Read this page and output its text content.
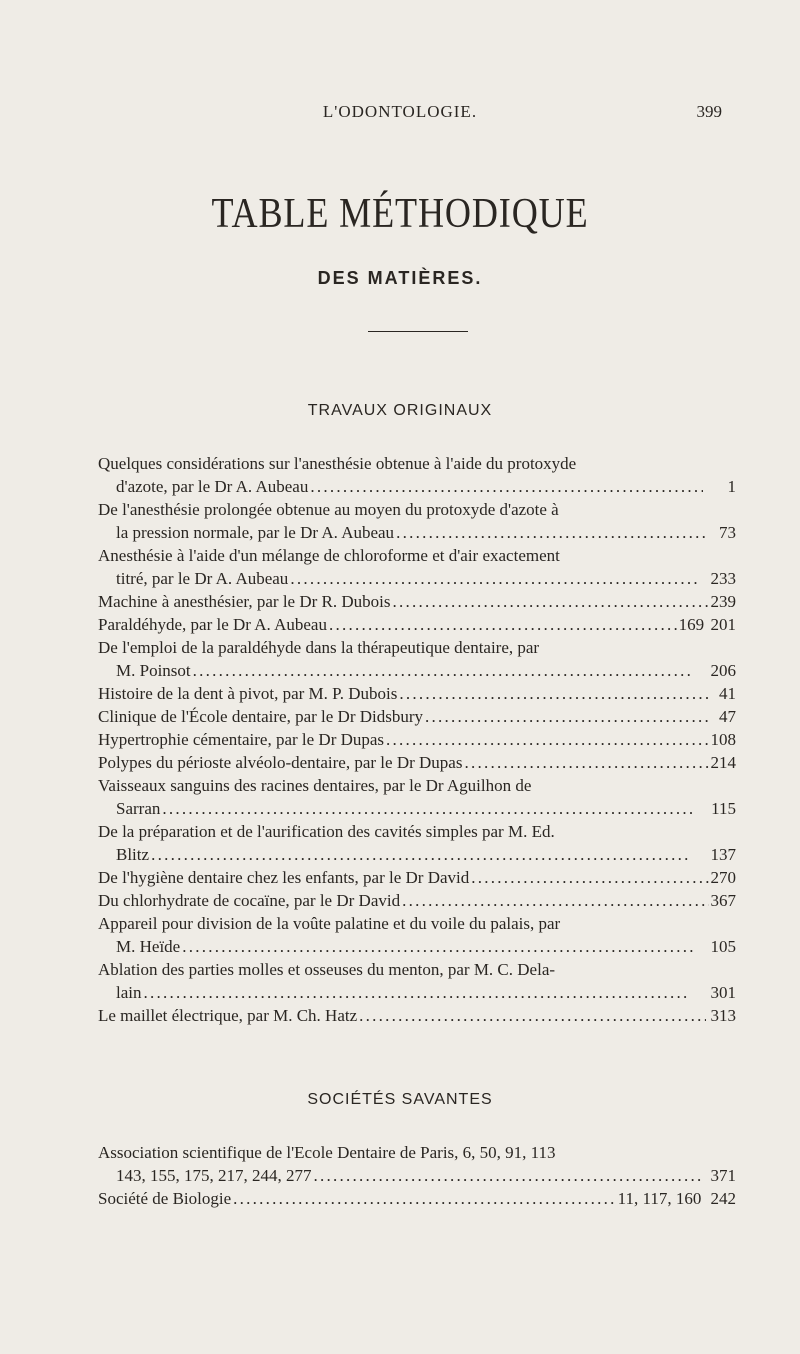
L'ODONTOLOGIE.	399
TABLE MÉTHODIQUE
DES MATIÈRES.
TRAVAUX ORIGINAUX
Quelques considérations sur l'anesthésie obtenue à l'aide du protoxyde
d'azote, par le Dr A. Aubeau . . .	1
De l'anesthésie prolongée obtenue au moyen du protoxyde d'azote à
la pression normale, par le Dr A. Aubeau . . .	73
Anesthésie à l'aide d'un mélange de chloroforme et d'air exactement
titré, par le Dr A. Aubeau . . .	233
Machine à anesthésier, par le Dr R. Dubois . . .	239
Paraldéhyde, par le Dr A. Aubeau . . .	169 201
De l'emploi de la paraldéhyde dans la thérapeutique dentaire, par
M. Poinsot . . .	206
Histoire de la dent à pivot, par M. P. Dubois . . .	41
Clinique de l'École dentaire, par le Dr Didsbury . . .	47
Hypertrophie cémentaire, par le Dr Dupas . . .	108
Polypes du périoste alvéolo-dentaire, par le Dr Dupas . . .	214
Vaisseaux sanguins des racines dentaires, par le Dr Aguilhon de
Sarran . . .	115
De la préparation et de l'aurification des cavités simples par M. Ed.
Blitz . . .	137
De l'hygiène dentaire chez les enfants, par le Dr David . . .	270
Du chlorhydrate de cocaïne, par le Dr David . . .	367
Appareil pour division de la voûte palatine et du voile du palais, par
M. Heïde . . .	105
Ablation des parties molles et osseuses du menton, par M. C. Dela-
lain . . .	301
Le maillet électrique, par M. Ch. Hatz . . .	313
SOCIÉTÉS SAVANTES
Association scientifique de l'Ecole Dentaire de Paris, 6, 50, 91, 113
143, 155, 175, 217, 244, 277 . . .	371
Société de Biologie . . .	11, 117, 160 242
